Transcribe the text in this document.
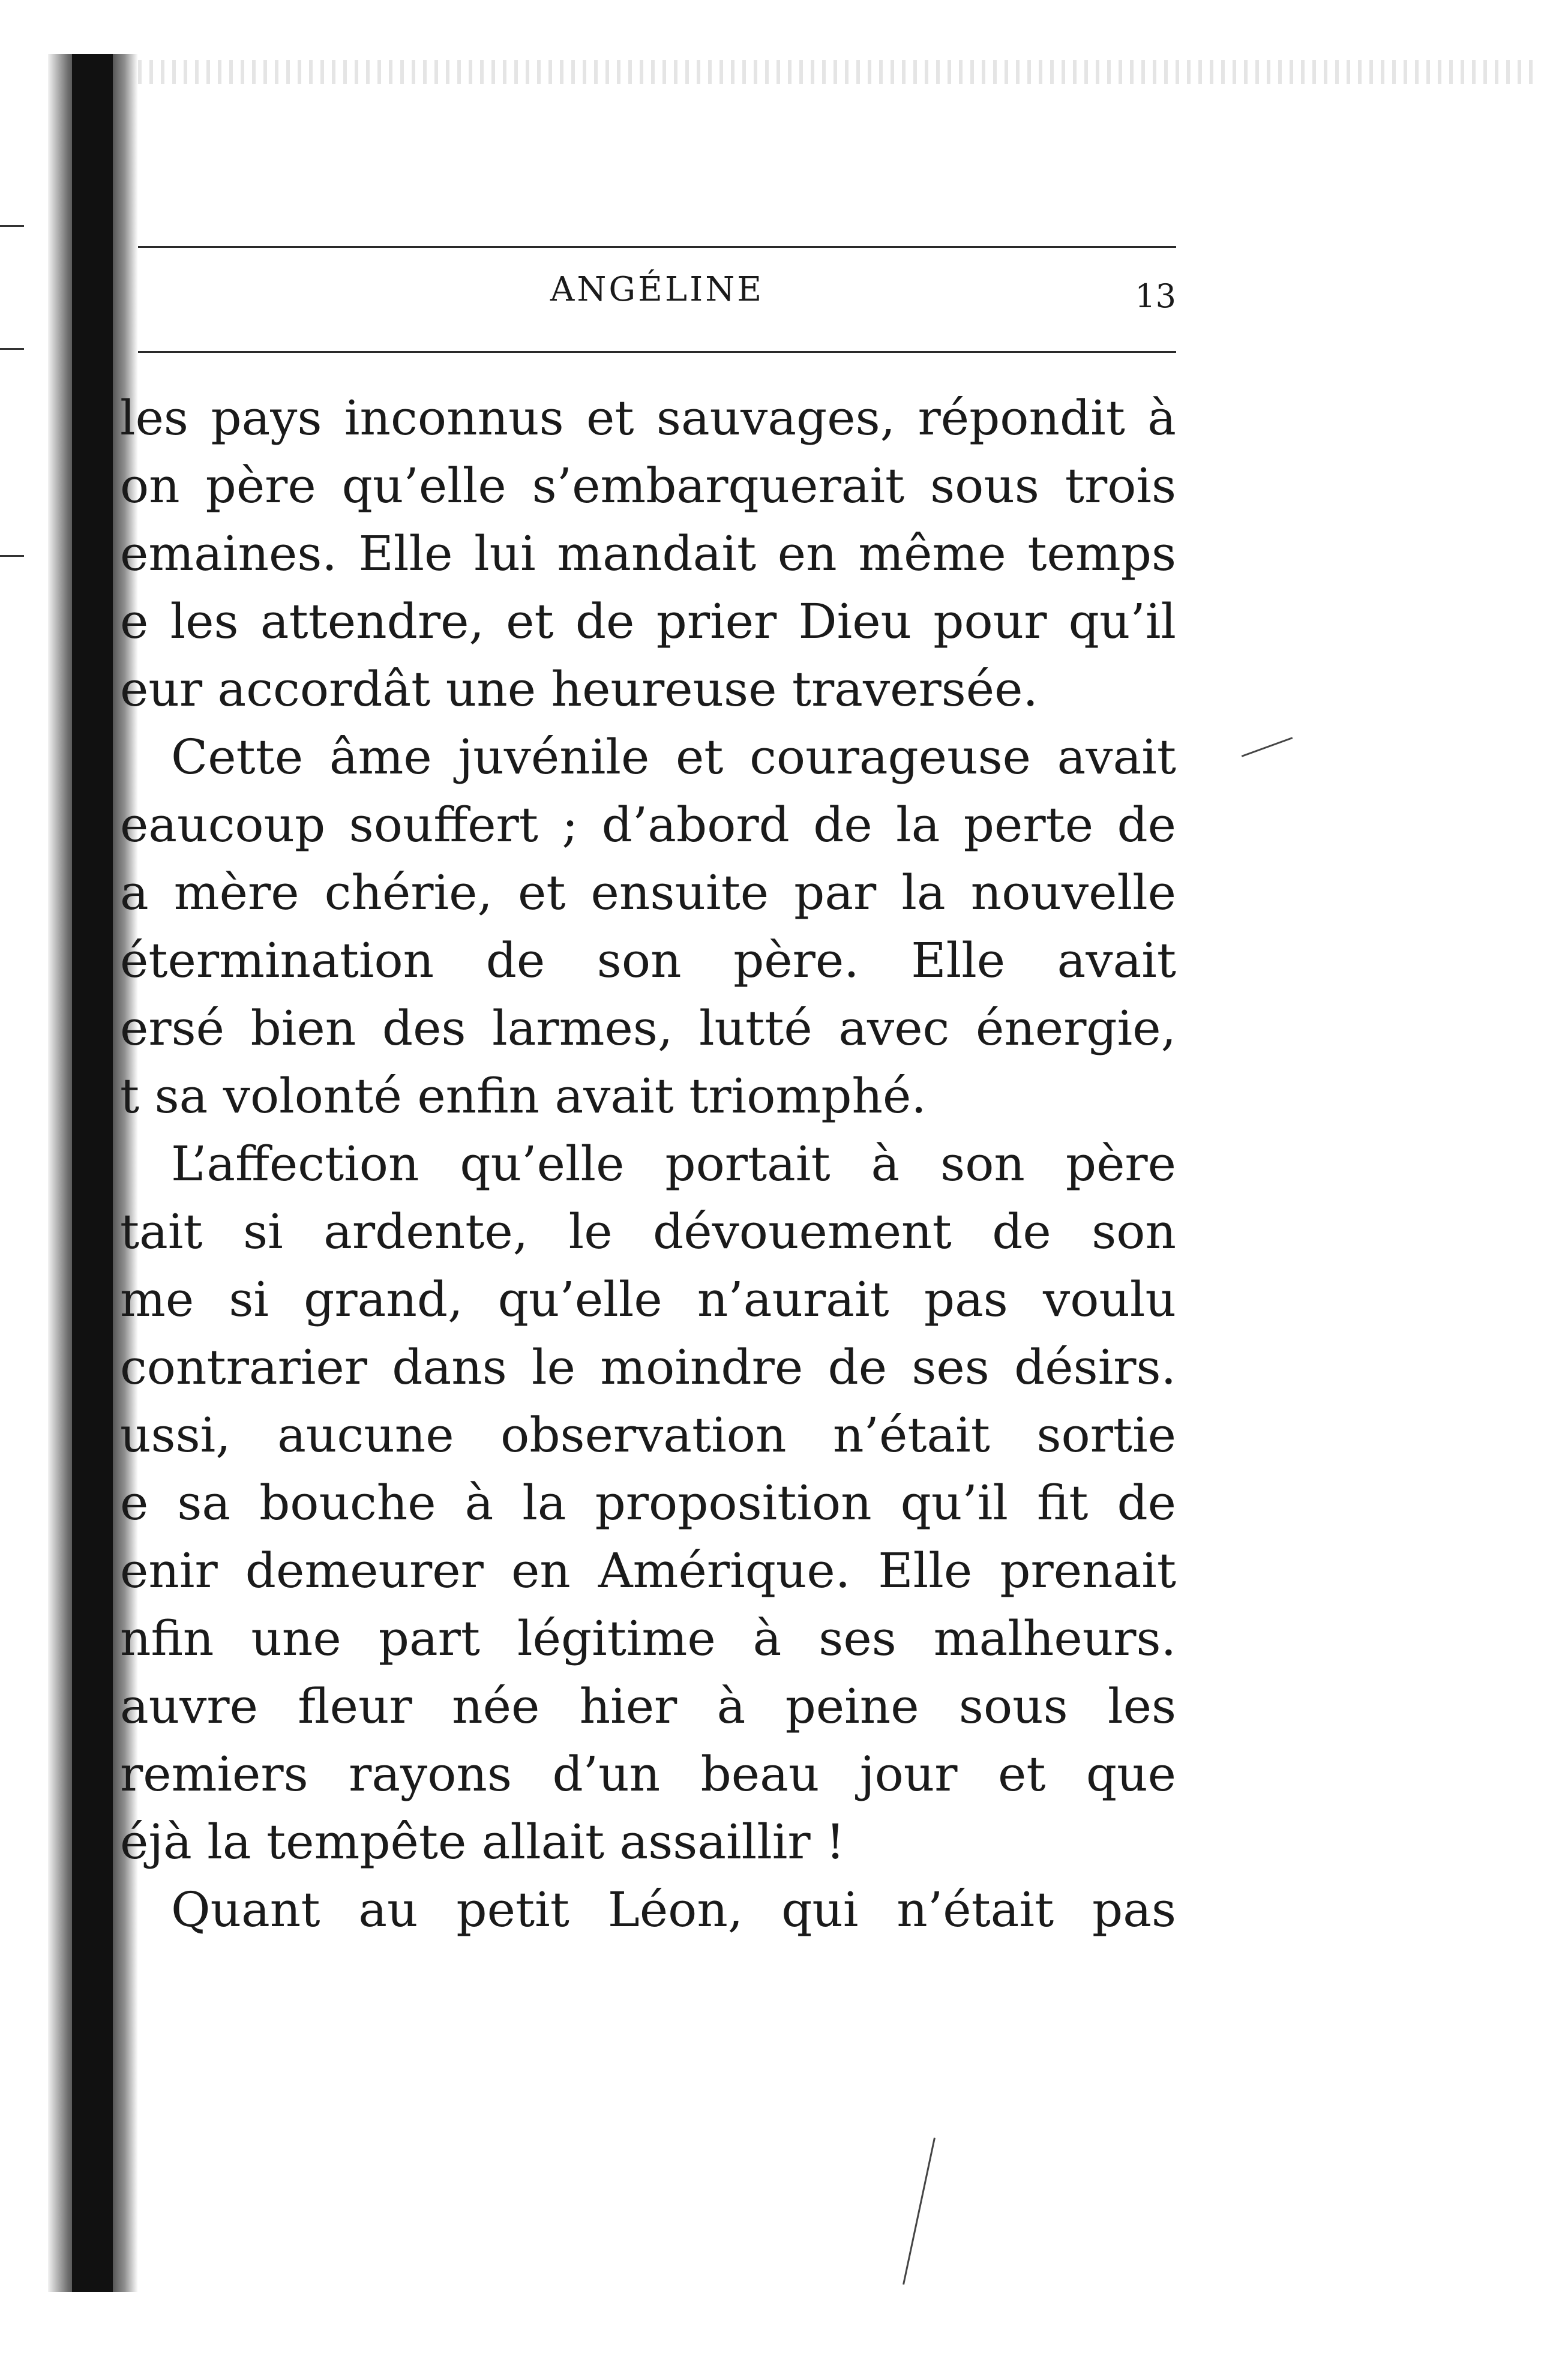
ANGÉLINE	13
les pays inconnus et sauvages, répondit à
on père qu’elle s’embarquerait sous trois
emaines. Elle lui mandait en même temps
e les attendre, et de prier Dieu pour qu’il
eur accordât une heureuse traversée.
Cette âme juvénile et courageuse avait
eaucoup souffert ; d’abord de la perte de
a mère chérie, et ensuite par la nouvelle
étermination de son père. Elle avait
ersé bien des larmes, lutté avec énergie,
t sa volonté enfin avait triomphé.
L’affection qu’elle portait à son père
tait si ardente, le dévouement de son
me si grand, qu’elle n’aurait pas voulu
contrarier dans le moindre de ses désirs.
ussi, aucune observation n’était sortie
e sa bouche à la proposition qu’il fit de
enir demeurer en Amérique. Elle prenait
nfin une part légitime à ses malheurs.
auvre fleur née hier à peine sous les
remiers rayons d’un beau jour et que
éjà la tempête allait assaillir !
Quant au petit Léon, qui n’était pas
